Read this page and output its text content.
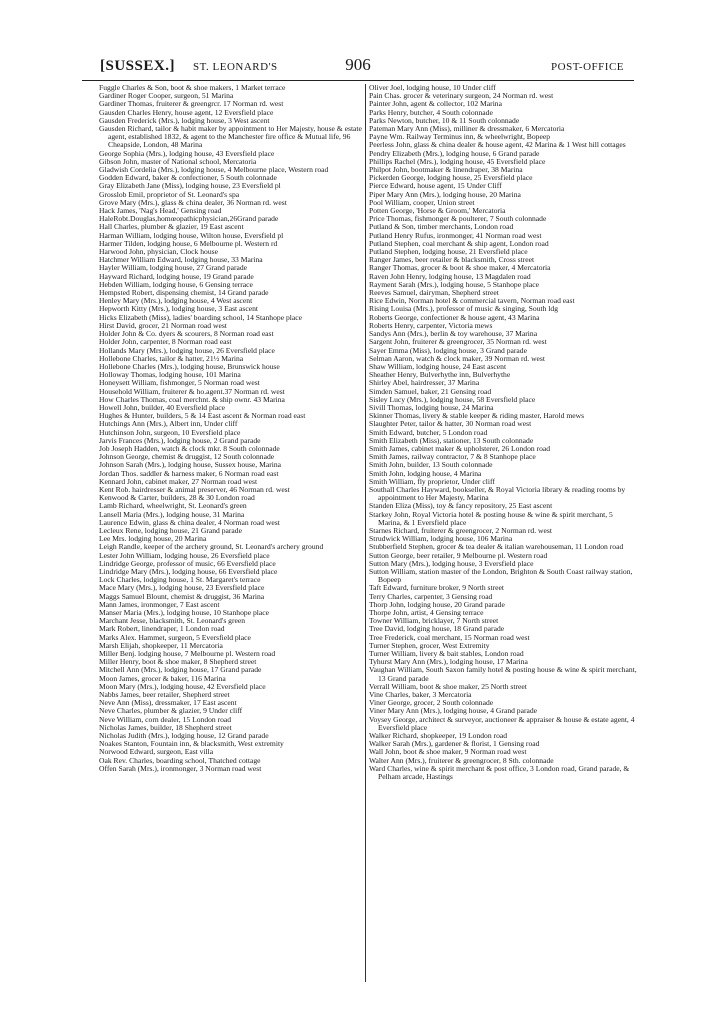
[SUSSEX.] ST. LEONARD'S	906	POST-OFFICE
Fuggle Charles & Son, boot & shoe makers, 1 Market terrace
Gardiner Roger Cooper, surgeon, 51 Marina
Gardiner Thomas, fruiterer & greengrcr. 17 Norman rd. west
Gausden Charles Henry, house agent, 12 Eversfield place
Gausden Frederick (Mrs.), lodging house, 3 West ascent
Gausden Richard, tailor & habit maker by appointment to Her Majesty, house & estate agent, established 1832, & agent to the Manchester fire office & Mutual life, 96 Cheapside, London, 48 Marina
George Sophia (Mrs.), lodging house, 43 Eversfield place
Gibson John, master of National school, Mercatoria
Gladwish Cordelia (Mrs.), lodging house, 4 Melbourne place, Western road
Godden Edward, baker & confectioner, 5 South colonnade
Gray Elizabeth Jane (Miss), lodging house, 23 Eversfield pl
Grosslob Emil, proprietor of St. Leonard's spa
Grove Mary (Mrs.), glass & china dealer, 36 Norman rd. west
Hack James, 'Nag's Head,' Gensing road
HaleRobt.Douglas,homœopathicphysician,26Grand parade
Hall Charles, plumber & glazier, 19 East ascent
Harman William, lodging house, Wilton house, Eversfield pl
Harmer Tilden, lodging house, 6 Melbourne pl. Western rd
Harwood John, physician, Clock house
Hatchmer William Edward, lodging house, 33 Marina
Hayler William, lodging house, 27 Grand parade
Hayward Richard, lodging house, 19 Grand parade
Hebden William, lodging house, 6 Gensing terrace
Hempsted Robert, dispensing chemist, 14 Grand parade
Henley Mary (Mrs.), lodging house, 4 West ascent
Hepworth Kitty (Mrs.), lodging house, 3 East ascent
Hicks Elizabeth (Miss), ladies' boarding school, 14 Stanhope place
Hirst David, grocer, 21 Norman road west
Holder John & Co. dyers & scourers, 8 Norman road east
Holder John, carpenter, 8 Norman road east
Hollands Mary (Mrs.), lodging house, 26 Eversfield place
Hollebone Charles, tailor & hatter, 21½ Marina
Hollebone Charles (Mrs.), lodging house, Brunswick house
Holloway Thomas, lodging house, 101 Marina
Honeysett William, fishmonger, 5 Norman road west
Household William, fruiterer & ho.agent.37 Norman rd. west
How Charles Thomas, coal merchnt. & ship ownr. 43 Marina
Howell John, builder, 40 Eversfield place
Hughes & Hunter, builders, 5 & 14 East ascent & Norman road east
Hutchings Ann (Mrs.), Albert inn, Under cliff
Hutchinson John, surgeon, 10 Eversfield place
Jarvis Frances (Mrs.), lodging house, 2 Grand parade
Job Joseph Hadden, watch & clock mkr. 8 South colonnade
Johnson George, chemist & druggist, 12 South colonnade
Johnson Sarah (Mrs.), lodging house, Sussex house, Marina
Jordan Thos. saddler & harness maker, 6 Norman road east
Kennard John, cabinet maker, 27 Norman road west
Kent Rob. hairdresser & animal preserver, 46 Norman rd. west
Kenwood & Carter, builders, 28 & 30 London road
Lamb Richard, wheelwright, St. Leonard's green
Lansell Maria (Mrs.), lodging house, 31 Marina
Laurence Edwin, glass & china dealer, 4 Norman road west
Lecleux Rene, lodging house, 21 Grand parade
Lee Mrs. lodging house, 20 Marina
Leigh Randle, keeper of the archery ground, St. Leonard's archery ground
Lester John William, lodging house, 26 Eversfield place
Lindridge George, professor of music, 66 Eversfield place
Lindridge Mary (Mrs.), lodging house, 66 Eversfield place
Lock Charles, lodging house, 1 St. Margaret's terrace
Mace Mary (Mrs.), lodging house, 23 Eversfield place
Maggs Samuel Blount, chemist & druggist, 36 Marina
Mann James, ironmonger, 7 East ascent
Manser Maria (Mrs.), lodging house, 10 Stanhope place
Marchant Jesse, blacksmith, St. Leonard's green
Mark Robert, linendraper, 1 London road
Marks Alex. Hammet, surgeon, 5 Eversfield place
Marsh Elijah, shopkeeper, 11 Mercatoria
Miller Benj. lodging house, 7 Melbourne pl. Western road
Miller Henry, boot & shoe maker, 8 Shepherd street
Mitchell Ann (Mrs.), lodging house, 17 Grand parade
Moon James, grocer & baker, 116 Marina
Moon Mary (Mrs.), lodging house, 42 Eversfield place
Nabbs James, beer retailer, Shepherd street
Neve Ann (Miss), dressmaker, 17 East ascent
Neve Charles, plumber & glazier, 9 Under cliff
Neve William, corn dealer, 15 London road
Nicholas James, builder, 18 Shepherd street
Nicholas Judith (Mrs.), lodging house, 12 Grand parade
Noakes Stanton, Fountain inn, & blacksmith, West extremity
Norwood Edward, surgeon, East villa
Oak Rev. Charles, boarding school, Thatched cottage
Offen Sarah (Mrs.), ironmonger, 3 Norman road west
Oliver Joel, lodging house, 10 Under cliff
Pain Chas. grocer & veterinary surgeon, 24 Norman rd. west
Painter John, agent & collector, 102 Marina
Parks Henry, butcher, 4 South colonnade
Parks Newton, butcher, 10 & 11 South colonnade
Pateman Mary Ann (Miss), milliner & dressmaker, 6 Mercatoria
Payne Wm. Railway Terminus inn, & wheelwright, Bopeep
Peerless John, glass & china dealer & house agent, 42 Marina & 1 West hill cottages
Pendry Elizabeth (Mrs.), lodging house, 6 Grand parade
Phillips Rachel (Mrs.), lodging house, 45 Eversfield place
Philpot John, bootmaker & linendraper, 38 Marina
Pickerden George, lodging house, 25 Eversfield place
Pierce Edward, house agent, 15 Under Cliff
Piper Mary Ann (Mrs.), lodging house, 20 Marina
Pool William, cooper, Union street
Potten George, 'Horse & Groom,' Mercatoria
Price Thomas, fishmonger & poulterer, 7 South colonnade
Putland & Son, timber merchants, London road
Putland Henry Rufus, ironmonger, 41 Norman road west
Putland Stephen, coal merchant & ship agent, London road
Putland Stephen, lodging house, 21 Eversfield place
Ranger James, beer retailer & blacksmith, Cross street
Ranger Thomas, grocer & boot & shoe maker, 4 Mercatoria
Raven John Henry, lodging house, 13 Magdalen road
Rayment Sarah (Mrs.), lodging house, 5 Stanhope place
Reeves Samuel, dairyman, Shepherd street
Rice Edwin, Norman hotel & commercial tavern, Norman road east
Rising Louisa (Mrs.), professor of music & singing, South ldg
Roberts George, confectioner & house agent, 43 Marina
Roberts Henry, carpenter, Victoria mews
Sandys Ann (Mrs.), berlin & toy warehouse, 37 Marina
Sargent John, fruiterer & greengrocer, 35 Norman rd. west
Sayer Emma (Miss), lodging house, 3 Grand parade
Selman Aaron, watch & clock maker, 39 Norman rd. west
Shaw William, lodging house, 24 East ascent
Sheather Henry, Bulverhythe inn, Bulverhythe
Shirley Abel, hairdresser, 37 Marina
Simden Samuel, baker, 21 Gensing road
Sisley Lucy (Mrs.), lodging house, 58 Eversfield place
Sivill Thomas, lodging house, 24 Marina
Skinner Thomas, livery & stable keeper & riding master, Harold mews
Slaughter Peter, tailor & hatter, 30 Norman road west
Smith Edward, butcher, 5 London road
Smith Elizabeth (Miss), stationer, 13 South colonnade
Smith James, cabinet maker & upholsterer, 26 London road
Smith James, railway contractor, 7 & 8 Stanhope place
Smith John, builder, 13 South colonnade
Smith John, lodging house, 4 Marina
Smith William, fly proprietor, Under cliff
Southall Charles Hayward, bookseller, & Royal Victoria library & reading rooms by appointment to Her Majesty, Marina
Standen Eliza (Miss), toy & fancy repository, 25 East ascent
Starkey John, Royal Victoria hotel & posting house & wine & spirit merchant, 5 Marina, & 1 Eversfield place
Starnes Richard, fruiterer & greengrocer, 2 Norman rd. west
Strudwick William, lodging house, 106 Marina
Stubberfield Stephen, grocer & tea dealer & italian warehouseman, 11 London road
Sutton George, beer retailer, 9 Melbourne pl. Western road
Sutton Mary (Mrs.), lodging house, 3 Eversfield place
Sutton William, station master of the London, Brighton & South Coast railway station, Bopeep
Taft Edward, furniture broker, 9 North street
Terry Charles, carpenter, 3 Gensing road
Thorp John, lodging house, 20 Grand parade
Thorpe John, artist, 4 Gensing terrace
Towner William, bricklayer, 7 North street
Tree David, lodging house, 18 Grand parade
Tree Frederick, coal merchant, 15 Norman road west
Turner Stephen, grocer, West Extremity
Turner William, livery & bait stables, London road
Tyhurst Mary Ann (Mrs.), lodging house, 17 Marina
Vaughan William, South Saxon family hotel & posting house & wine & spirit merchant, 13 Grand parade
Verrall William, boot & shoe maker, 25 North street
Vine Charles, baker, 3 Mercatoria
Viner George, grocer, 2 South colonnade
Viner Mary Ann (Mrs.), lodging house, 4 Grand parade
Voysey George, architect & surveyor, auctioneer & appraiser & house & estate agent, 4 Eversfield place
Walker Richard, shopkeeper, 19 London road
Walker Sarah (Mrs.), gardener & florist, 1 Gensing road
Wall John, boot & shoe maker, 9 Norman road west
Walter Ann (Mrs.), fruiterer & greengrocer, 8 Sth. colonnade
Ward Charles, wine & spirit merchant & post office, 3 London road, Grand parade, & Pelham arcade, Hastings
